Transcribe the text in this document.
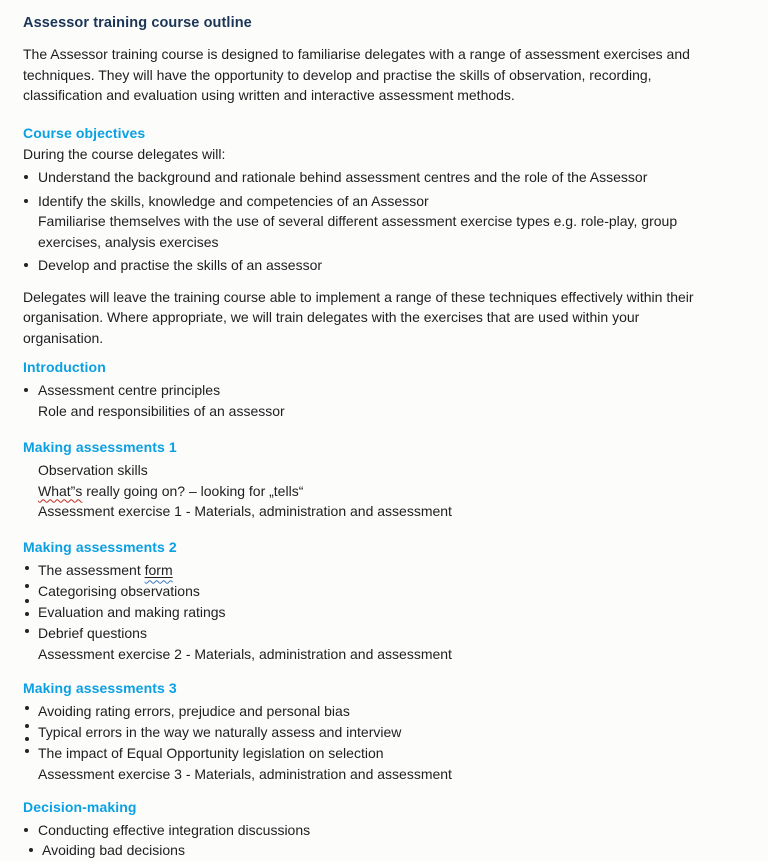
Assessor training course outline
The Assessor training course is designed to familiarise delegates with a range of assessment exercises and
techniques. They will have the opportunity to develop and practise the skills of observation, recording,
classification and evaluation using written and interactive assessment methods.
Course objectives
During the course delegates will:
Understand the background and rationale behind assessment centres and the role of the Assessor
Identify the skills, knowledge and competencies of an Assessor
Familiarise themselves with the use of several different assessment exercise types e.g. role-play, group
exercises, analysis exercises
Develop and practise the skills of an assessor
Delegates will leave the training course able to implement a range of these techniques effectively within their
organisation. Where appropriate, we will train delegates with the exercises that are used within your
organisation.
Introduction
Assessment centre principles
Role and responsibilities of an assessor
Making assessments 1
Observation skills
What”s really going on? – looking for „tells“
Assessment exercise 1 - Materials, administration and assessment
Making assessments 2
The assessment form
Categorising observations
Evaluation and making ratings
Debrief questions
Assessment exercise 2 - Materials, administration and assessment
Making assessments 3
Avoiding rating errors, prejudice and personal bias
Typical errors in the way we naturally assess and interview
The impact of Equal Opportunity legislation on selection
Assessment exercise 3 - Materials, administration and assessment
Decision-making
Conducting effective integration discussions
Avoiding bad decisions
